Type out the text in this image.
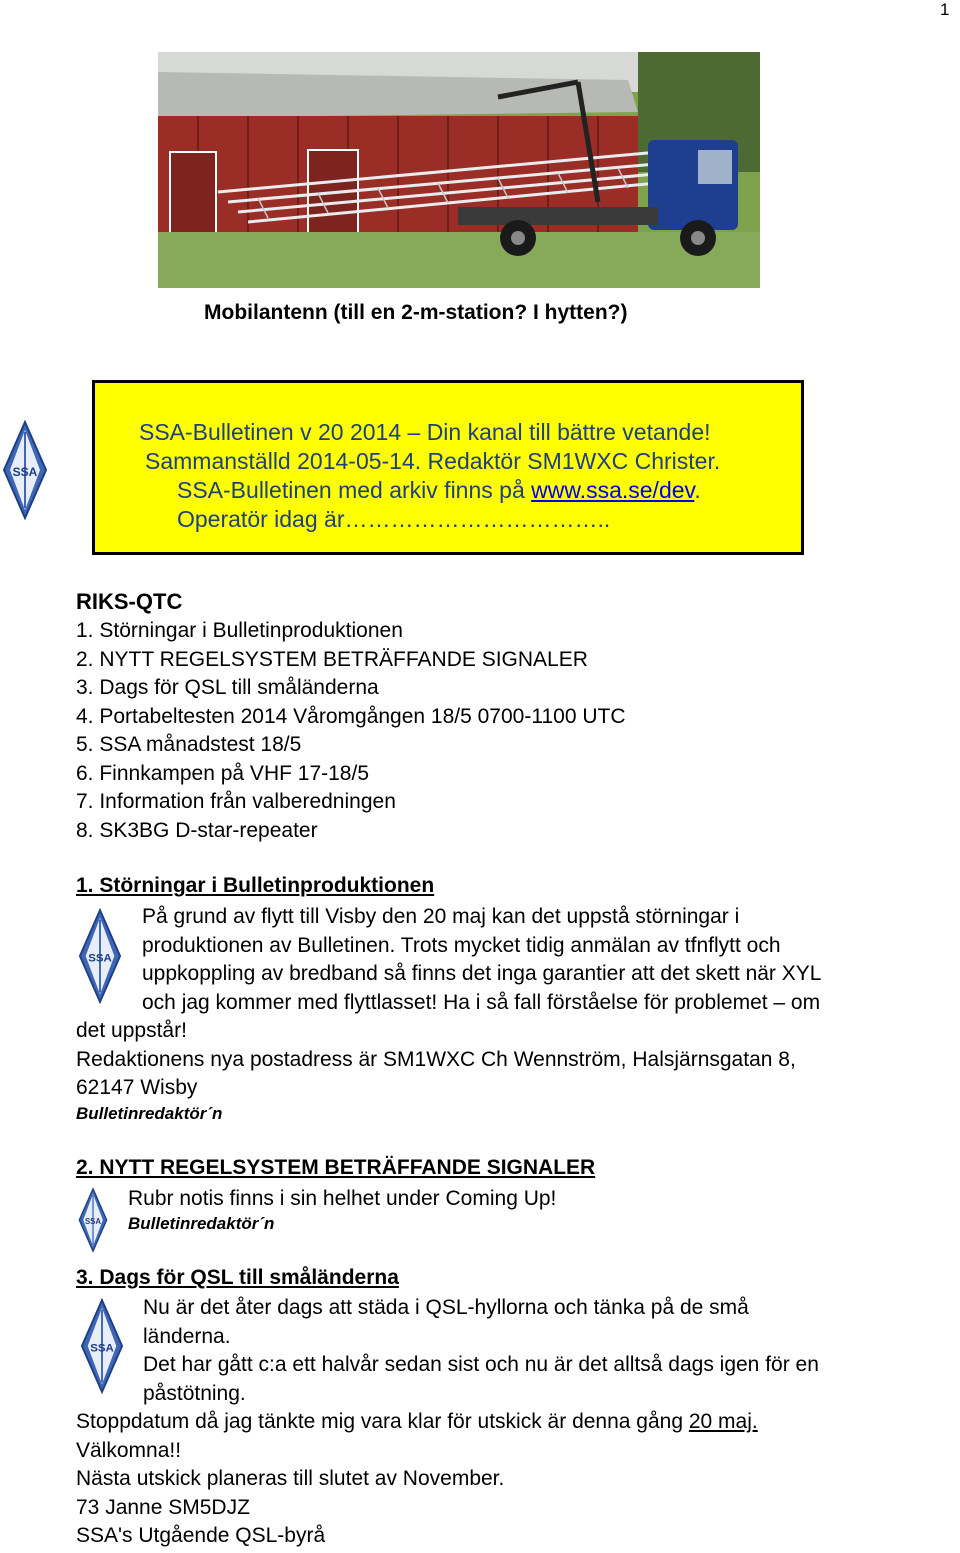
1
Mobilantenn (till en 2-m-station? I hytten?)
SSA
SSA-Bulletinen v 20 2014 – Din kanal till bättre vetande!
Sammanställd 2014-05-14. Redaktör SM1WXC Christer.
SSA-Bulletinen med arkiv finns på www.ssa.se/dev.
Operatör idag är……………………………..
RIKS-QTC
1. Störningar i Bulletinproduktionen
2. NYTT REGELSYSTEM BETRÄFFANDE SIGNALER
3. Dags för QSL till småländerna
4. Portabeltesten 2014 Våromgången 18/5 0700-1100 UTC
5. SSA månadstest 18/5
6. Finnkampen på VHF 17-18/5
7. Information från valberedningen
8. SK3BG D-star-repeater
1. Störningar i Bulletinproduktionen
SSA
På grund av flytt till Visby den 20 maj kan det uppstå störningar i
produktionen av Bulletinen. Trots mycket tidig anmälan av tfnflytt och
uppkoppling av bredband så finns det inga garantier att det skett när XYL
och jag kommer med flyttlasset! Ha i så fall förståelse för problemet – om
det uppstår!
Redaktionens nya postadress är SM1WXC Ch Wennström, Halsjärnsgatan 8,
62147 Wisby
Bulletinredaktör´n
2. NYTT REGELSYSTEM BETRÄFFANDE SIGNALER
SSA
Rubr notis finns i sin helhet under Coming Up!
Bulletinredaktör´n
3. Dags för QSL till småländerna
SSA
Nu är det åter dags att städa i QSL-hyllorna och tänka på de små
länderna.
Det har gått c:a ett halvår sedan sist och nu är det alltså dags igen för en
påstötning.
Stoppdatum då jag tänkte mig vara klar för utskick är denna gång 20 maj.
Välkomna!!
Nästa utskick planeras till slutet av November.
73 Janne SM5DJZ
SSA's Utgående QSL-byrå
